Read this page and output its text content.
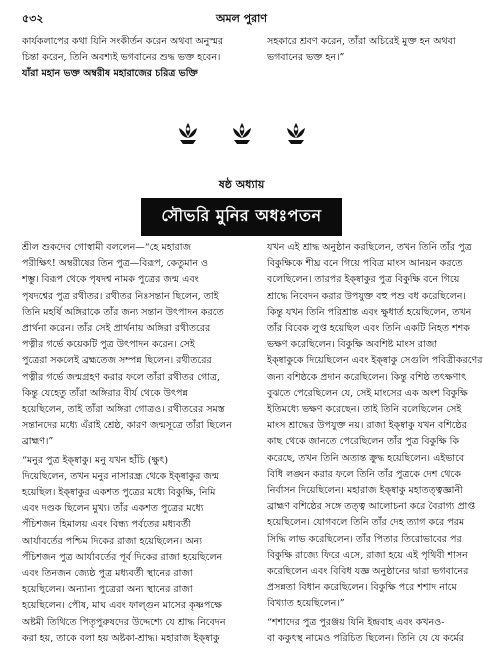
৫৩২	অমল পুরাণ
কার্যকলাপের কথা যিনি সংকীর্তন করেন অথবা অনুস্মর
চিন্তা করেন, তিনি অবশ্যই ভগবানের শুদ্ধ ভক্ত হবেন।
যাঁরা মহান ভক্ত অম্বরীষ মহারাজের চরিত্র ভক্তি
সহকারে শ্রবণ করেন, তাঁরা অচিরেই মুক্ত হন অথবা
ভগবানের ভক্ত হন।”
ষষ্ঠ অধ্যায়
সৌভরি মুনির অধঃপতন
শ্রীল শুকদেব গোস্বামী বললেন—“হে মহারাজ
পরীক্ষিৎ! অম্বরীষের তিন পুত্র—বিরূপ, কেতুমান ও
শম্ভু। বিরূপ থেকে পৃষদশ্ব নামক পুত্রের জন্ম এবং
পৃষদশ্বের পুত্র রথীতর। রথীতর নিঃসন্তান ছিলেন, তাই
তিনি মহর্ষি অঙ্গিরাকে তাঁর জন্য সন্তান উৎপাদন করতে
প্রার্থনা করেন। তাঁর সেই প্রার্থনায় অঙ্গিরা রথীতরের
পত্নীর গর্ভে কয়েকটি পুত্র উৎপাদন করেন। সেই
পুত্রেরা সকলেই ব্রহ্মতেজ সম্পন্ন ছিলেন। রথীতরের
পত্নীর গর্ভে জন্মগ্রহণ করার ফলে তাঁরা রথীতর গোত্র,
কিন্তু যেহেতু তাঁরা অঙ্গিরার বীর্য থেকে উৎপন্ন
হয়েছিলেন, তাই তাঁরা অঙ্গিরা গোত্রও। রথীতরের সমস্ত
সন্তানদের মধ্যে এঁরাই শ্রেষ্ঠ, কারণ জন্মসূত্রে তাঁরা ছিলেন
ব্রাহ্মণ।”
“মনুর পুত্র ইক্ষ্বাকু। মনু যখন হাঁচি (ক্ষুৎ)
দিয়েছিলেন, তখন মনুর নাসারন্ধ্র থেকে ইক্ষ্বাকুর জন্ম
হয়েছিল। ইক্ষ্বাকুর একশত পুত্রের মধ্যে বিকুক্ষি, নিমি
এবং দণ্ডক ছিলেন মুখ্য। তাঁর একশত পুত্রের মধ্যে
পঁচিশজন হিমালয় এবং বিন্ধ্য পর্বতের মধ্যবর্তী
আর্যাবর্তের পশ্চিম দিকের রাজা হয়েছিলেন। অন্য
পঁচিশজন পুত্র আর্যাবর্তের পূর্ব দিকের রাজা হয়েছিলেন
এবং তিনজন জ্যেষ্ঠ পুত্র মধ্যবর্তী স্থানের রাজা
হয়েছিলেন। অন্যান্য পুত্রেরা অন্য স্থানের রাজা
হয়েছিলেন। পৌষ, মাঘ এবং ফাল্গুন মাসের কৃষ্ণপক্ষে
অষ্টমী তিথিতে পিতৃপুরুষদের উদ্দেশ্যে যে শ্রাদ্ধ নিবেদন
করা হয়, তাকে বলা হয় অষ্টকা-শ্রাদ্ধ। মহারাজ ইক্ষ্বাকু
যখন এই শ্রাদ্ধ অনুষ্ঠান করছিলেন, তখন তিনি তাঁর পুত্র
বিকুক্ষিকে শীঘ্র বনে গিয়ে পবিত্র মাংস আনয়ন করতে
বলেছিলেন। তারপর ইক্ষ্বাকুর পুত্র বিকুক্ষি বনে গিয়ে
শ্রাদ্ধে নিবেদন করার উপযুক্ত বহু পশু বধ করেছিলেন।
কিন্তু যখন তিনি পরিশ্রান্ত এবং ক্ষুধার্ত হয়েছিলেন, তখন
তাঁর বিবেক লুপ্ত হয়েছিল এবং তিনি একটি নিহত শশক
ভক্ষণ করেছিলেন। বিকুক্ষি অবশিষ্ট মাংস রাজা
ইক্ষ্বাকুকে দিয়েছিলেন এবং ইক্ষ্বাকু সেগুলি পবিত্রীকরণের
জন্য বশিষ্ঠকে প্রদান করেছিলেন। কিন্তু বশিষ্ঠ তৎক্ষণাৎ
বুঝতে পেরেছিলেন যে, সেই মাংসের এক অংশ বিকুক্ষি
ইতিমধ্যে ভক্ষণ করেছেন। তাই তিনি বলেছিলেন সেই
মাংস শ্রাদ্ধের উপযুক্ত নয়। রাজা ইক্ষ্বাকু যখন বশিষ্ঠের
কাছ থেকে জানতে পেরেছিলেন তাঁর পুত্র বিকুক্ষি কি
করেছে, তখন তিনি অত্যন্ত ক্রুদ্ধ হয়েছিলেন। এইভাবে
বিধি লঙ্ঘন করার ফলে তিনি তাঁর পুত্রকে দেশ থেকে
নির্বাসন দিয়েছিলেন। মহারাজ ইক্ষ্বাকু মহাতত্ত্বজ্ঞানী
ব্রাহ্মণ বশিষ্ঠের সঙ্গে তত্ত্ব আলোচনা করে বৈরাগ্য প্রাপ্ত
হয়েছিলেন। যোগবলে তিনি তাঁর দেহ ত্যাগ করে পরম
সিদ্ধি লাভ করেছিলেন। তাঁর পিতার তিরোভাবের পর
বিকুক্ষি রাজ্যে ফিরে এসে, রাজা হয়ে এই পৃথিবী শাসন
করেছিলেন এবং বিবিধ যজ্ঞ অনুষ্ঠানের দ্বারা ভগবানের
প্রসন্নতা বিধান করেছিলেন। বিকুক্ষি পরে শশাদ নামে
বিখ্যাত হয়েছিলেন।”
“শশাদের পুত্র পুরঞ্জয় যিনি ইন্দ্রবাহ এবং কখনও-
বা ককুৎস্থ নামেও পরিচিত ছিলেন। তিনি যে যে কর্মের
